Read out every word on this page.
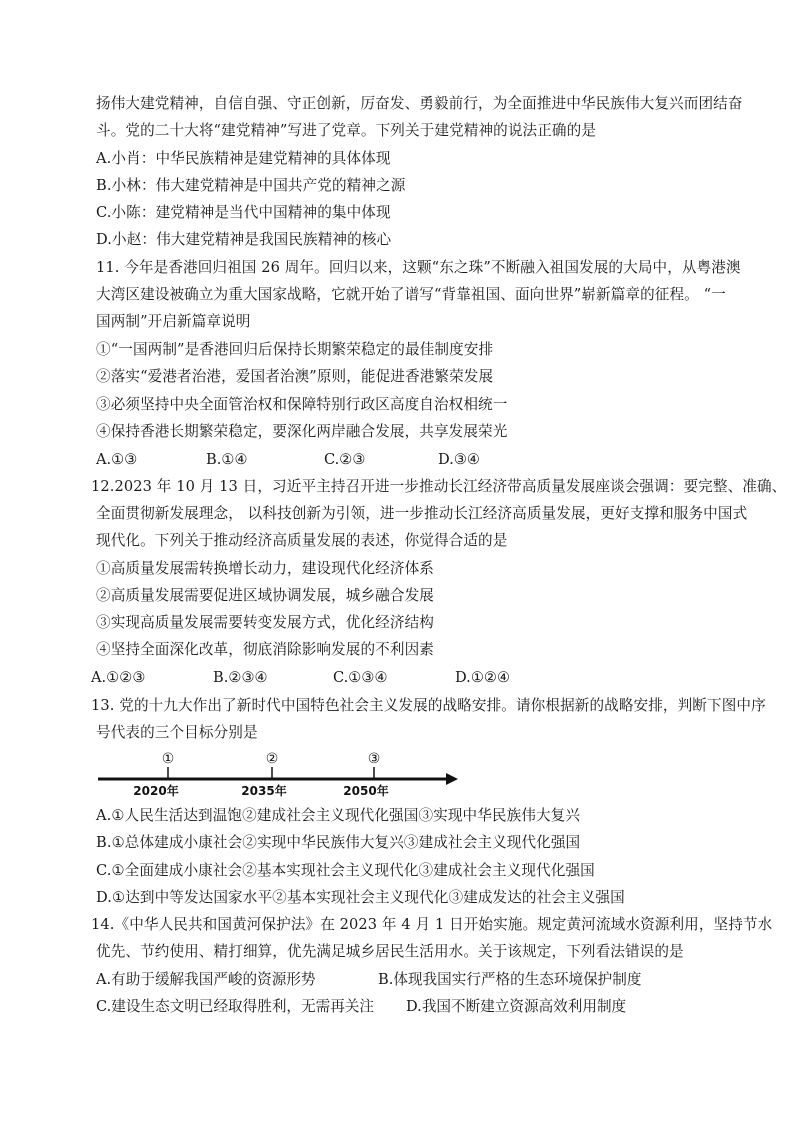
扬伟大建党精神，自信自强、守正创新，厉奋发、勇毅前行，为全面推进中华民族伟大复兴而团结奋
斗。党的二十大将“建党精神”写进了党章。下列关于建党精神的说法正确的是
A.小肖：中华民族精神是建党精神的具体体现
B.小林：伟大建党精神是中国共产党的精神之源
C.小陈：建党精神是当代中国精神的集中体现
D.小赵：伟大建党精神是我国民族精神的核心
11. 今年是香港回归祖国 26 周年。回归以来，这颗“东之珠”不断融入祖国发展的大局中，从粤港澳
大湾区建设被确立为重大国家战略，它就开始了谱写“背靠祖国、面向世界”崭新篇章的征程。 “一
国两制”开启新篇章说明
①“一国两制”是香港回归后保持长期繁荣稳定的最佳制度安排
②落实“爱港者治港，爱国者治澳”原则，能促进香港繁荣发展
③必须坚持中央全面管治权和保障特别行政区高度自治权相统一
④保持香港长期繁荣稳定，要深化两岸融合发展，共享发展荣光
A.①③	B.①④	C.②③	D.③④
12.2023 年 10 月 13 日，习近平主持召开进一步推动长江经济带高质量发展座谈会强调：要完整、准确、
全面贯彻新发展理念， 以科技创新为引领，进一步推动长江经济高质量发展，更好支撑和服务中国式
现代化。下列关于推动经济高质量发展的表述，你觉得合适的是
①高质量发展需转换增长动力，建设现代化经济体系
②高质量发展需要促进区域协调发展，城乡融合发展
③实现高质量发展需要转变发展方式，优化经济结构
④坚持全面深化改革，彻底消除影响发展的不利因素
A.①②③	B.②③④	C.①③④	D.①②④
13. 党的十九大作出了新时代中国特色社会主义发展的战略安排。请你根据新的战略安排，判断下图中序
号代表的三个目标分别是
①	②	③
2020年	2035年	2050年
A.①人民生活达到温饱②建成社会主义现代化强国③实现中华民族伟大复兴
B.①总体建成小康社会②实现中华民族伟大复兴③建成社会主义现代化强国
C.①全面建成小康社会②基本实现社会主义现代化③建成社会主义现代化强国
D.①达到中等发达国家水平②基本实现社会主义现代化③建成发达的社会主义强国
14.《中华人民共和国黄河保护法》在 2023 年 4 月 1 日开始实施。规定黄河流域水资源利用，坚持节水
优先、节约使用、精打细算，优先满足城乡居民生活用水。关于该规定，下列看法错误的是
A.有助于缓解我国严峻的资源形势	B.体现我国实行严格的生态环境保护制度
C.建设生态文明已经取得胜利，无需再关注 D.我国不断建立资源高效利用制度
